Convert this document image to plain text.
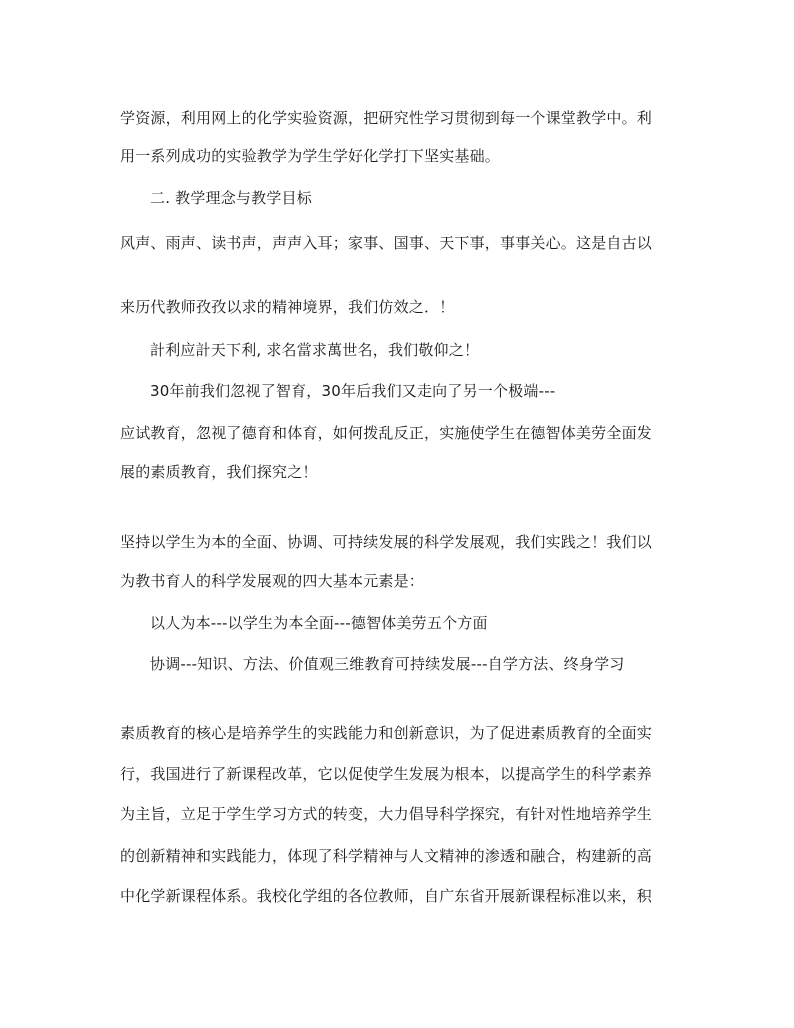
学资源，利用网上的化学实验资源，把研究性学习贯彻到每一个课堂教学中。利
用一系列成功的实验教学为学生学好化学打下坚实基础。
二. 教学理念与教学目标
风声、雨声、读书声，声声入耳；家事、国事、天下事，事事关心。这是自古以
来历代教师孜孜以求的精神境界，我们仿效之．！
計利应計天下利, 求名當求萬世名，我们敬仰之！
30年前我们忽视了智育，30年后我们又走向了另一个极端---
应试教育，忽视了德育和体育，如何拨乱反正，实施使学生在德智体美劳全面发
展的素质教育，我们探究之！
坚持以学生为本的全面、协调、可持续发展的科学发展观，我们实践之！我们以
为教书育人的科学发展观的四大基本元素是：
以人为本---以学生为本全面---德智体美劳五个方面
协调---知识、方法、价值观三维教育可持续发展---自学方法、终身学习
素质教育的核心是培养学生的实践能力和创新意识，为了促进素质教育的全面实
行，我国进行了新课程改革，它以促使学生发展为根本，以提高学生的科学素养
为主旨，立足于学生学习方式的转变，大力倡导科学探究，有针对性地培养学生
的创新精神和实践能力，体现了科学精神与人文精神的渗透和融合，构建新的高
中化学新课程体系。我校化学组的各位教师，自广东省开展新课程标准以来，积
